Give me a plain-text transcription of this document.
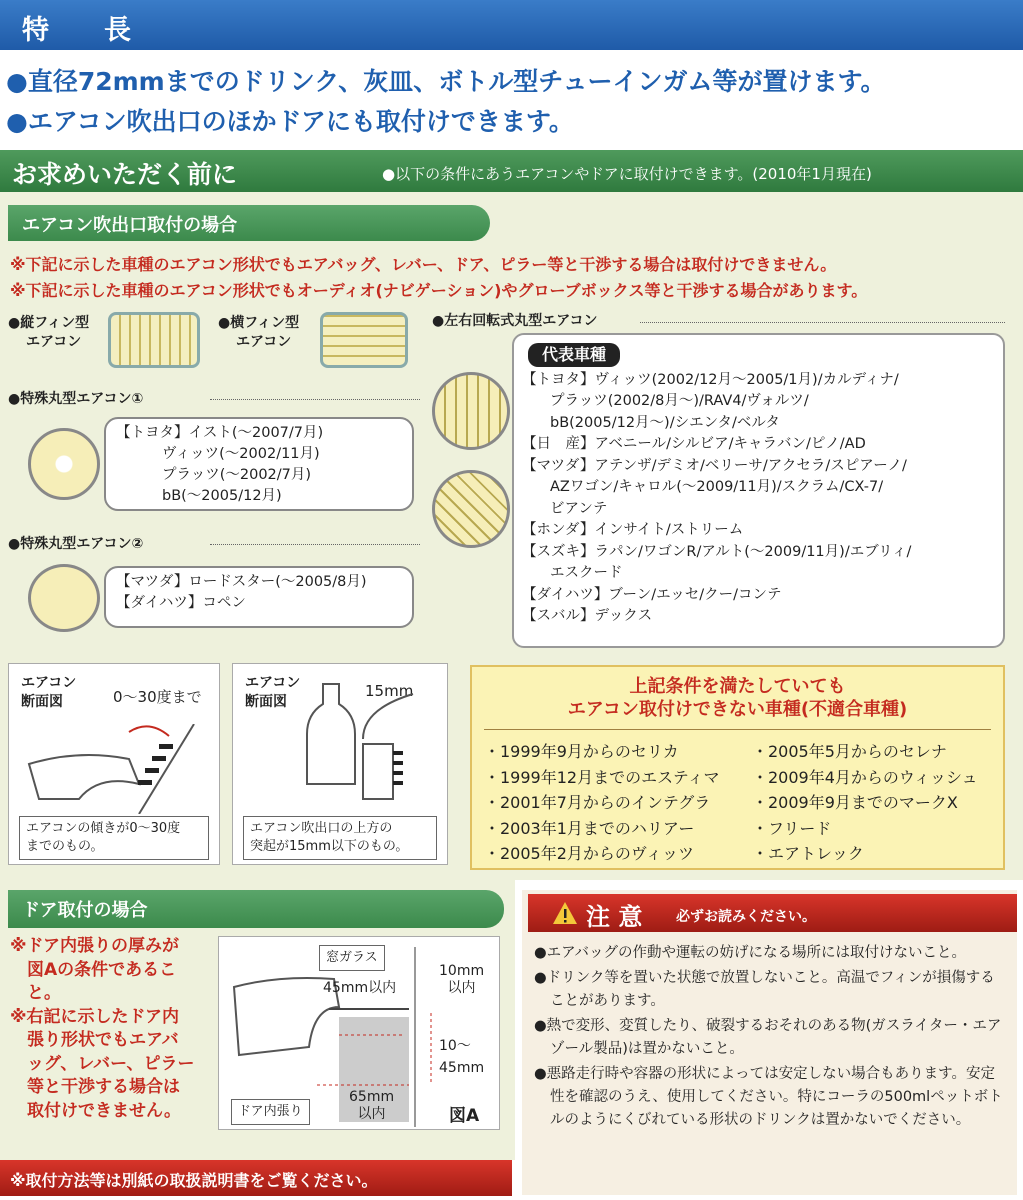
特　長
●直径72mmまでのドリンク、灰皿、ボトル型チューインガム等が置けます。
●エアコン吹出口のほかドアにも取付けできます。
お求めいただく前に	●以下の条件にあうエアコンやドアに取付けできます。(2010年1月現在)
エアコン吹出口取付の場合
※下記に示した車種のエアコン形状でもエアバッグ、レバー、ドア、ピラー等と干渉する場合は取付けできません。
※下記に示した車種のエアコン形状でもオーディオ(ナビゲーション)やグローブボックス等と干渉する場合があります。
●縦フィン型
エアコン
●横フィン型
エアコン
●左右回転式丸型エアコン
●特殊丸型エアコン①
【トヨタ】イスト(～2007/7月)
ヴィッツ(～2002/11月)
プラッツ(～2002/7月)
bB(～2005/12月)
●特殊丸型エアコン②
【マツダ】ロードスター(～2005/8月)
【ダイハツ】コペン
代表車種
【トヨタ】ヴィッツ(2002/12月～2005/1月)/カルディナ/
プラッツ(2002/8月～)/RAV4/ヴォルツ/
bB(2005/12月～)/シエンタ/ベルタ
【日　産】アベニール/シルビア/キャラバン/ピノ/AD
【マツダ】アテンザ/デミオ/ベリーサ/アクセラ/スピアーノ/
AZワゴン/キャロル(～2009/11月)/スクラム/CX-7/
ビアンテ
【ホンダ】インサイト/ストリーム
【スズキ】ラパン/ワゴンR/アルト(～2009/11月)/エブリィ/
エスクード
【ダイハツ】ブーン/エッセ/クー/コンテ
【スバル】デックス
エアコン
断面図	0～30度まで
エアコンの傾きが0～30度
までのもの。
エアコン
断面図
15mm
エアコン吹出口の上方の
突起が15mm以下のもの。
上記条件を満たしていても
エアコン取付けできない車種(不適合車種)
・1999年9月からのセリカ
・1999年12月までのエスティマ
・2001年7月からのインテグラ
・2003年1月までのハリアー
・2005年2月からのヴィッツ
・2005年5月からのセレナ
・2009年4月からのウィッシュ
・2009年9月までのマークX
・フリード
・エアトレック
ドア取付の場合
※ドア内張りの厚みが
図Aの条件であるこ
と。
※右記に示したドア内
張り形状でもエアバ
ッグ、レバー、ピラー
等と干渉する場合は
取付けできません。
窓ガラス
45mm以内
10mm
以内
10～
45mm
65mm
以内
ドア内張り	図A
注 意 必ずお読みください。

●エアバッグの作動や運転の妨げになる場所には取付けないこと。

●ドリンク等を置いた状態で放置しないこと。高温でフィンが損傷することがあります。

●熱で変形、変質したり、破裂するおそれのある物(ガスライター・エアゾール製品)は置かないこと。

●悪路走行時や容器の形状によっては安定しない場合もあります。安定性を確認のうえ、使用してください。特にコーラの500mlペットボトルのようにくびれている形状のドリンクは置かないでください。

※取付方法等は別紙の取扱説明書をご覧ください。
